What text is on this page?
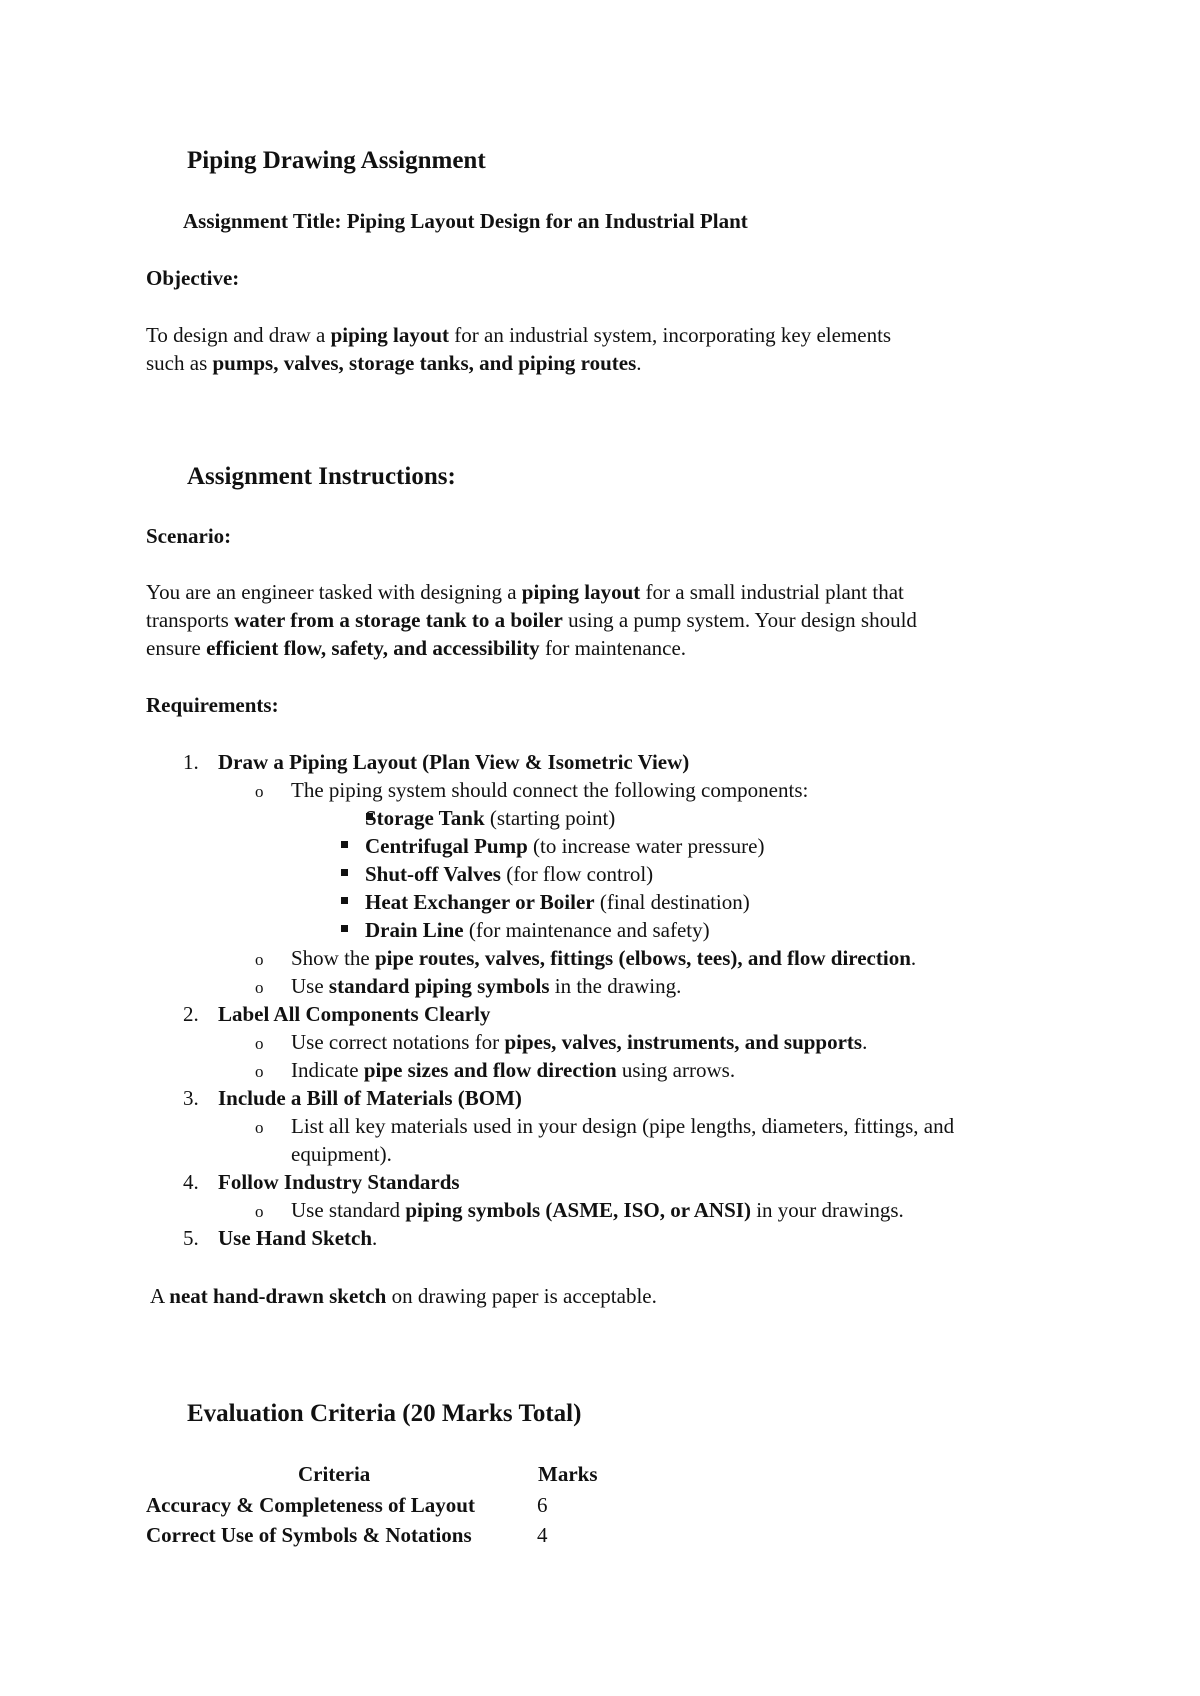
Piping Drawing Assignment
Assignment Title: Piping Layout Design for an Industrial Plant
Objective:
To design and draw a piping layout for an industrial system, incorporating key elements
such as pumps, valves, storage tanks, and piping routes.
Assignment Instructions:
Scenario:
You are an engineer tasked with designing a piping layout for a small industrial plant that
transports water from a storage tank to a boiler using a pump system. Your design should
ensure efficient flow, safety, and accessibility for maintenance.
Requirements:
1. Draw a Piping Layout (Plan View & Isometric View)
o The piping system should connect the following components:
Storage Tank (starting point)
Centrifugal Pump (to increase water pressure)
Shut-off Valves (for flow control)
Heat Exchanger or Boiler (final destination)
Drain Line (for maintenance and safety)
o Show the pipe routes, valves, fittings (elbows, tees), and flow direction.
o Use standard piping symbols in the drawing.
2. Label All Components Clearly
o Use correct notations for pipes, valves, instruments, and supports.
o Indicate pipe sizes and flow direction using arrows.
3. Include a Bill of Materials (BOM)
o List all key materials used in your design (pipe lengths, diameters, fittings, and
equipment).
4. Follow Industry Standards
o Use standard piping symbols (ASME, ISO, or ANSI) in your drawings.
5. Use Hand Sketch.
A neat hand-drawn sketch on drawing paper is acceptable.
Evaluation Criteria (20 Marks Total)
Criteria	Marks
Accuracy & Completeness of Layout	6
Correct Use of Symbols & Notations	4
